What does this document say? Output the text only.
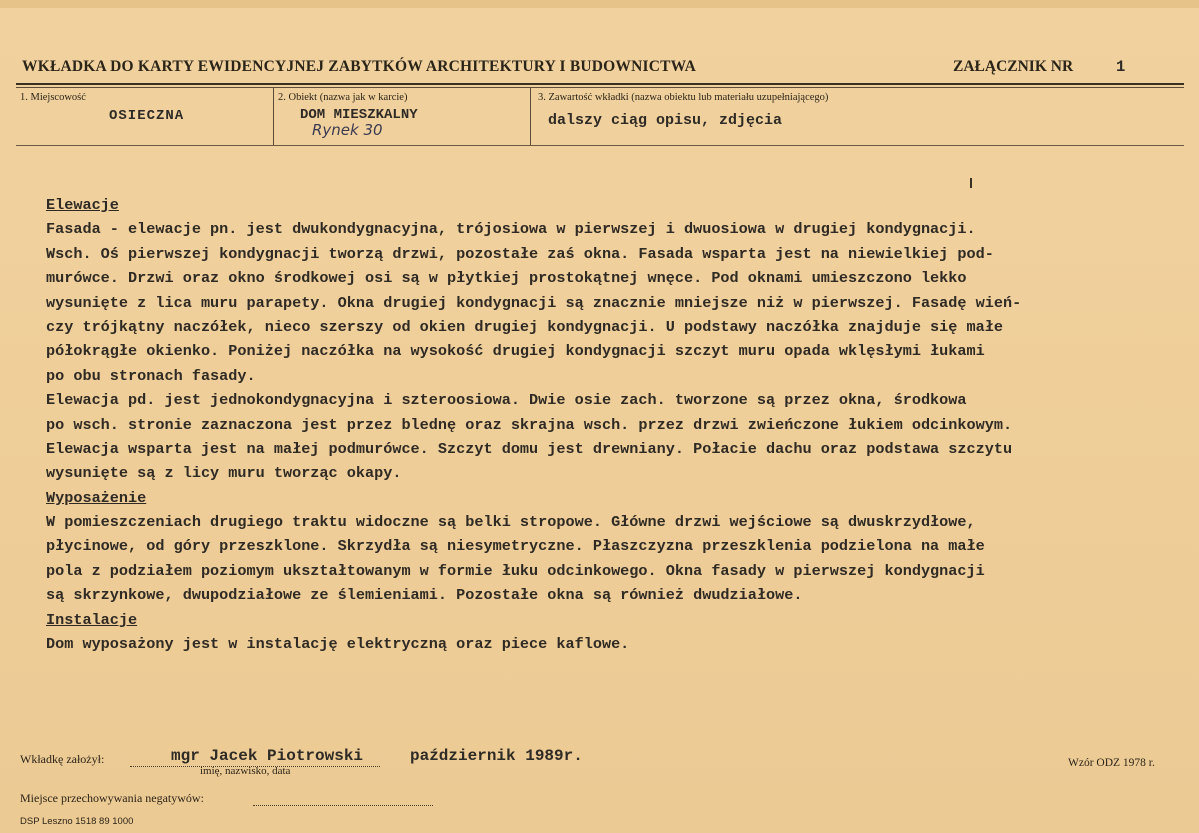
WKŁADKA DO KARTY EWIDENCYJNEJ ZABYTKÓW ARCHITEKTURY I BUDOWNICTWA	ZAŁĄCZNIK NR	1
1. Miejscowość
OSIECZNA
2. Obiekt (nazwa jak w karcie)
DOM MIESZKALNY
Rynek 30
3. Zawartość wkładki (nazwa obiektu lub materiału uzupełniającego)
dalszy ciąg opisu, zdjęcia
Elewacje
Fasada - elewacje pn. jest dwukondygnacyjna, trójosiowa w pierwszej i dwuosiowa w drugiej kondygnacji.
Wsch. Oś pierwszej kondygnacji tworzą drzwi, pozostałe zaś okna. Fasada wsparta jest na niewielkiej pod-
murówce. Drzwi oraz okno środkowej osi są w płytkiej prostokątnej wnęce. Pod oknami umieszczono lekko
wysunięte z lica muru parapety. Okna drugiej kondygnacji są znacznie mniejsze niż w pierwszej. Fasadę wień-
czy trójkątny naczółek, nieco szerszy od okien drugiej kondygnacji. U podstawy naczółka znajduje się małe
półokrągłe okienko. Poniżej naczółka na wysokość drugiej kondygnacji szczyt muru opada wklęsłymi łukami
po obu stronach fasady.
Elewacja pd. jest jednokondygnacyjna i szteroosiowa. Dwie osie zach. tworzone są przez okna, środkowa
po wsch. stronie zaznaczona jest przez blednę oraz skrajna wsch. przez drzwi zwieńczone łukiem odcinkowym.
Elewacja wsparta jest na małej podmurówce. Szczyt domu jest drewniany. Połacie dachu oraz podstawa szczytu
wysunięte są z licy muru tworząc okapy.
Wyposażenie
W pomieszczeniach drugiego traktu widoczne są belki stropowe. Główne drzwi wejściowe są dwuskrzydłowe,
płycinowe, od góry przeszklone. Skrzydła są niesymetryczne. Płaszczyzna przeszklenia podzielona na małe
pola z podziałem poziomym ukształtowanym w formie łuku odcinkowego. Okna fasady w pierwszej kondygnacji
są skrzynkowe, dwupodziałowe ze ślemieniami. Pozostałe okna są również dwudziałowe.
Instalacje
Dom wyposażony jest w instalację elektryczną oraz piece kaflowe.
Wkładkę założył:	mgr Jacek Piotrowski	październik 1989r.
imię, nazwisko, data
Wzór ODZ 1978 r.
Miejsce przechowywania negatywów:
DSP Leszno 1518 89 1000
